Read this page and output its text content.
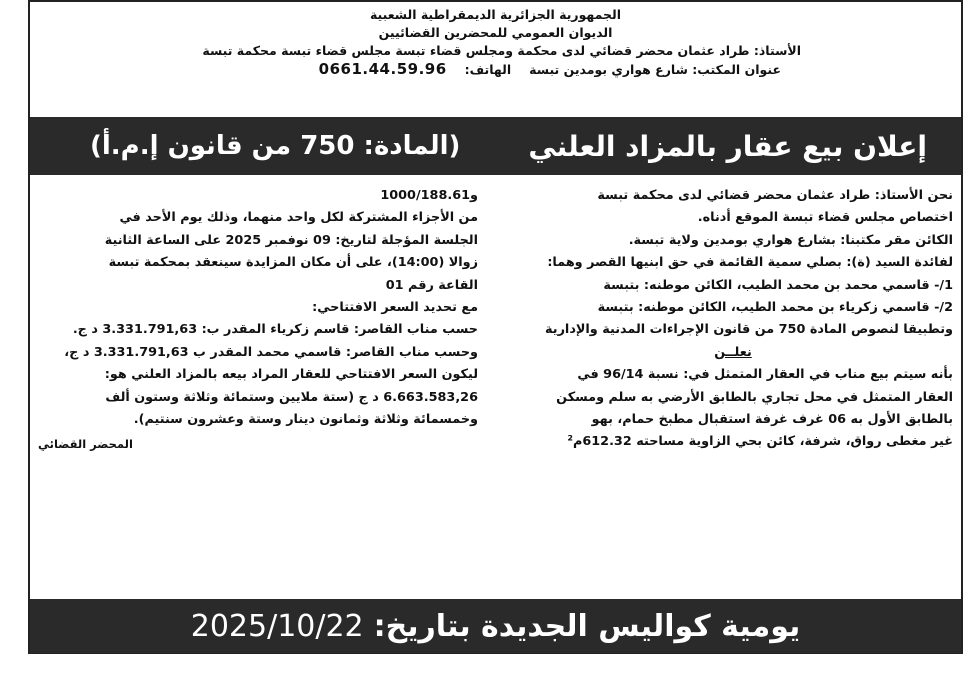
الجمهورية الجزائرية الديمقراطية الشعبية
الديوان العمومي للمحضرين القضائيين
الأستاذ: طراد عثمان محضر قضائي لدى محكمة ومجلس قضاء تبسة مجلس قضاء تبسة محكمة تبسة
عنوان المكتب: شارع هواري بومدين تبسة
الهاتف:
0661.44.59.96
إعلان بيع عقار بالمزاد العلني
(المادة: 750 من قانون إ.م.أ)

نحن الأستاذ: طراد عثمان محضر قضائي لدى محكمة تبسة

اختصاص مجلس قضاء تبسة الموقع أدناه.

الكائن مقر مكتبنا: بشارع هواري بومدين ولاية تبسة.

لفائدة السيد (ة): بصلي سمية القائمة في حق ابنيها القصر وهما:

1/- قاسمي محمد بن محمد الطيب، الكائن موطنه: بتبسة

2/- قاسمي زكرياء بن محمد الطيب، الكائن موطنه: بتبسة

وتطبيقا لنصوص المادة 750 من قانون الإجراءات المدنية والإدارية

نعلــن

بأنه سيتم بيع مناب في العقار المتمثل في: نسبة 96/14 في

العقار المتمثل في محل تجاري بالطابق الأرضي به سلم ومسكن

بالطابق الأول به 06 غرف غرفة استقبال مطبخ حمام، بهو

غير مغطى رواق، شرفة، كائن بحي الزاوية مساحته 612.32م²

و1000/188.61

من الأجزاء المشتركة لكل واحد منهما، وذلك يوم الأحد في

الجلسة المؤجلة لتاريخ: 09 نوفمبر 2025 على الساعة الثانية

زوالا (14:00)، على أن مكان المزايدة سينعقد بمحكمة تبسة

القاعة رقم 01

مع تحديد السعر الافتتاحي:

حسب مناب القاصر: قاسم زكرياء المقدر ب: 3.331.791,63 د ج.

وحسب مناب القاصر: قاسمي محمد المقدر ب 3.331.791,63 د ج،

ليكون السعر الافتتاحي للعقار المراد بيعه بالمزاد العلني هو:

6.663.583,26 د ج (ستة ملايين وستمائة وثلاثة وستون ألف

وخمسمائة وثلاثة وثمانون دينار وستة وعشرون سنتيم).

المحضر القضائي
يومية كواليس الجديدة بتاريخ:
2025/10/22
